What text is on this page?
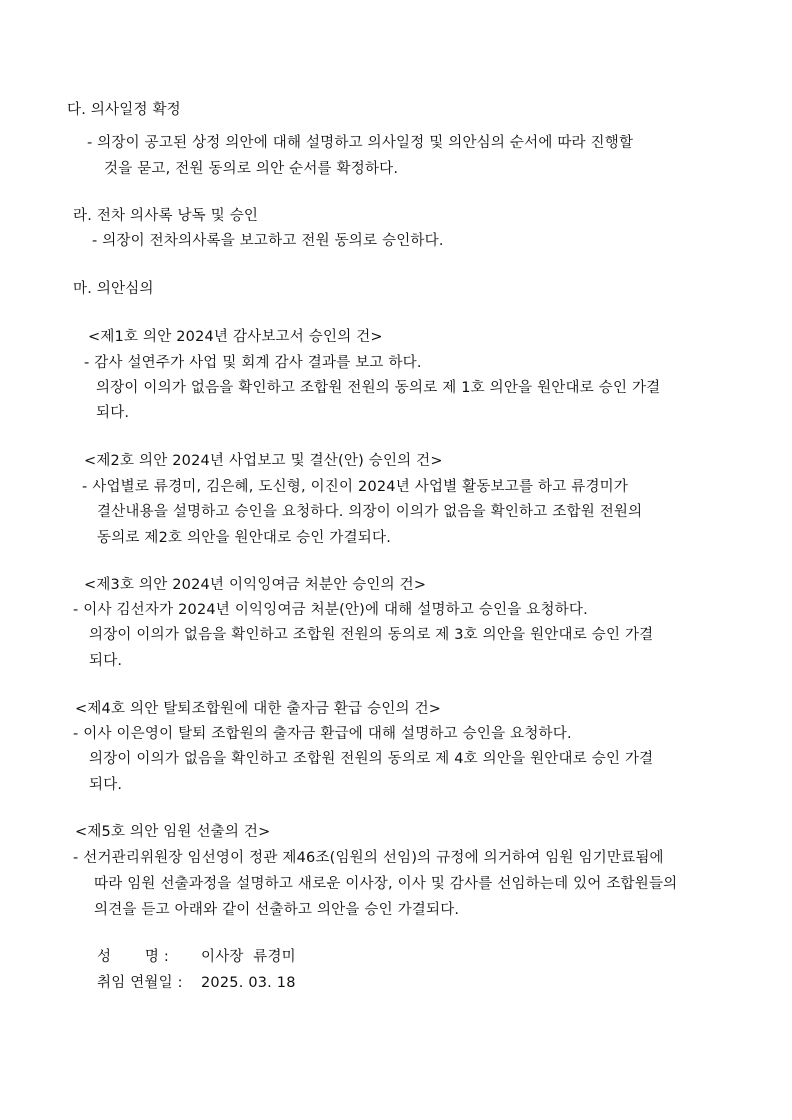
다. 의사일정 확정
- 의장이 공고된 상정 의안에 대해 설명하고 의사일정 및 의안심의 순서에 따라 진행할
것을 묻고, 전원 동의로 의안 순서를 확정하다.
라. 전차 의사록 낭독 및 승인
- 의장이 전차의사록을 보고하고 전원 동의로 승인하다.
마. 의안심의
<제1호 의안 2024년 감사보고서 승인의 건>
- 감사 설연주가 사업 및 회계 감사 결과를 보고 하다.
의장이 이의가 없음을 확인하고 조합원 전원의 동의로 제 1호 의안을 원안대로 승인 가결
되다.
<제2호 의안 2024년 사업보고 및 결산(안) 승인의 건>
- 사업별로 류경미, 김은혜, 도신형, 이진이 2024년 사업별 활동보고를 하고 류경미가
결산내용을 설명하고 승인을 요청하다. 의장이 이의가 없음을 확인하고 조합원 전원의
동의로 제2호 의안을 원안대로 승인 가결되다.
<제3호 의안 2024년 이익잉여금 처분안 승인의 건>
- 이사 김선자가 2024년 이익잉여금 처분(안)에 대해 설명하고 승인을 요청하다.
의장이 이의가 없음을 확인하고 조합원 전원의 동의로 제 3호 의안을 원안대로 승인 가결
되다.
<제4호 의안 탈퇴조합원에 대한 출자금 환급 승인의 건>
- 이사 이은영이 탈퇴 조합원의 출자금 환급에 대해 설명하고 승인을 요청하다.
의장이 이의가 없음을 확인하고 조합원 전원의 동의로 제 4호 의안을 원안대로 승인 가결
되다.
<제5호 의안 임원 선출의 건>
- 선거관리위원장 임선영이 정관 제46조(임원의 선임)의 규정에 의거하여 임원 임기만료됨에
따라 임원 선출과정을 설명하고 새로운 이사장, 이사 및 감사를 선임하는데 있어 조합원들의
의견을 듣고 아래와 같이 선출하고 의안을 승인 가결되다.
성       명 : 이사장  류경미
취임 연월일 : 2025. 03. 18
